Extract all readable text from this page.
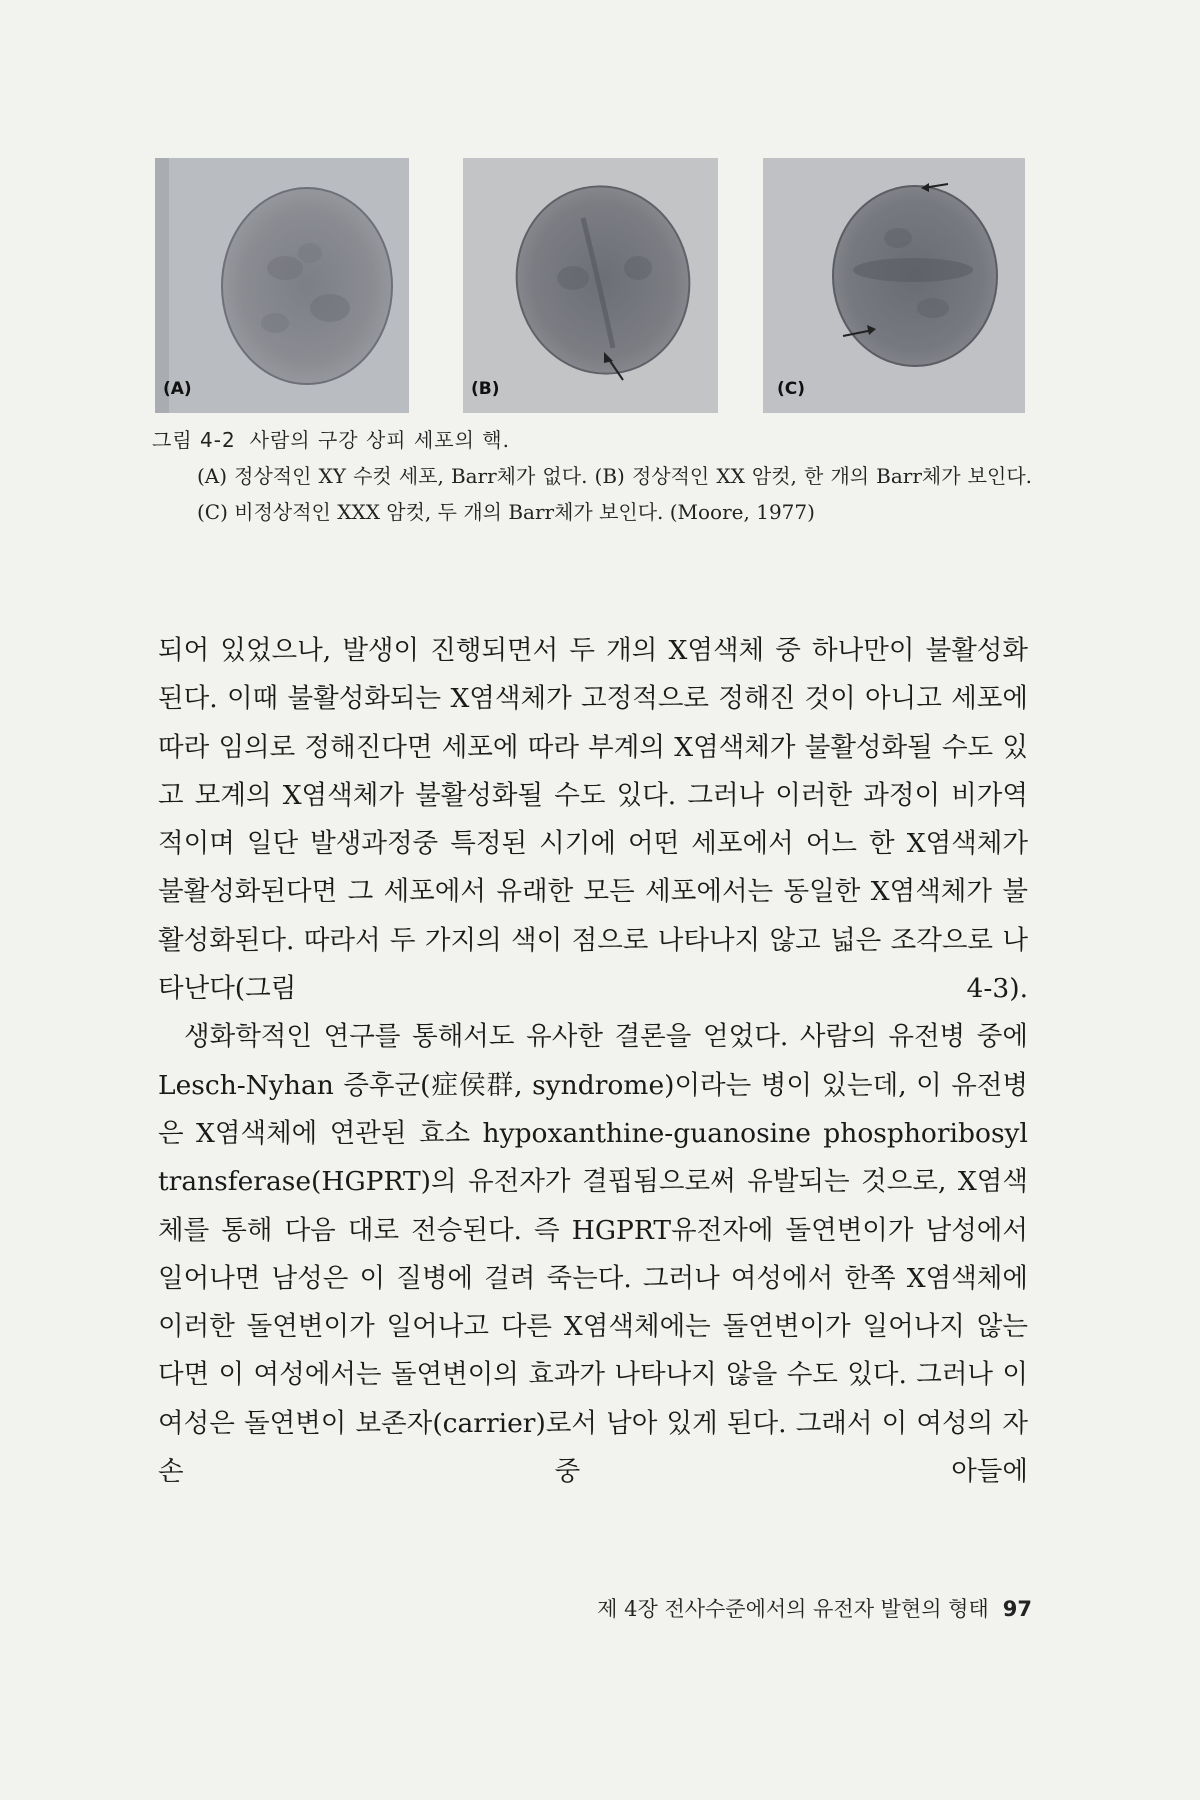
(A)	(B)	(C)
그림 4-2 사람의 구강 상피 세포의 핵.
(A) 정상적인 XY 수컷 세포, Barr체가 없다. (B) 정상적인 XX 암컷, 한 개의 Barr체가 보인다. (C) 비정상적인 XXX 암컷, 두 개의 Barr체가 보인다. (Moore, 1977)

되어 있었으나, 발생이 진행되면서 두 개의 X염색체 중 하나만이 불활성화된다. 이때 불활성화되는 X염색체가 고정적으로 정해진 것이 아니고 세포에 따라 임의로 정해진다면 세포에 따라 부계의 X염색체가 불활성화될 수도 있고 모계의 X염색체가 불활성화될 수도 있다. 그러나 이러한 과정이 비가역적이며 일단 발생과정중 특정된 시기에 어떤 세포에서 어느 한 X염색체가 불활성화된다면 그 세포에서 유래한 모든 세포에서는 동일한 X염색체가 불활성화된다. 따라서 두 가지의 색이 점으로 나타나지 않고 넓은 조각으로 나타난다(그림 4-3).

생화학적인 연구를 통해서도 유사한 결론을 얻었다. 사람의 유전병 중에 Lesch-Nyhan 증후군(症侯群, syndrome)이라는 병이 있는데, 이 유전병은 X염색체에 연관된 효소 hypoxanthine-guanosine phosphoribosyl transferase(HGPRT)의 유전자가 결핍됨으로써 유발되는 것으로, X염색체를 통해 다음 대로 전승된다. 즉 HGPRT유전자에 돌연변이가 남성에서 일어나면 남성은 이 질병에 걸려 죽는다. 그러나 여성에서 한쪽 X염색체에 이러한 돌연변이가 일어나고 다른 X염색체에는 돌연변이가 일어나지 않는다면 이 여성에서는 돌연변이의 효과가 나타나지 않을 수도 있다. 그러나 이 여성은 돌연변이 보존자(carrier)로서 남아 있게 된다. 그래서 이 여성의 자손 중 아들에

제 4장 전사수준에서의 유전자 발현의 형태 97
